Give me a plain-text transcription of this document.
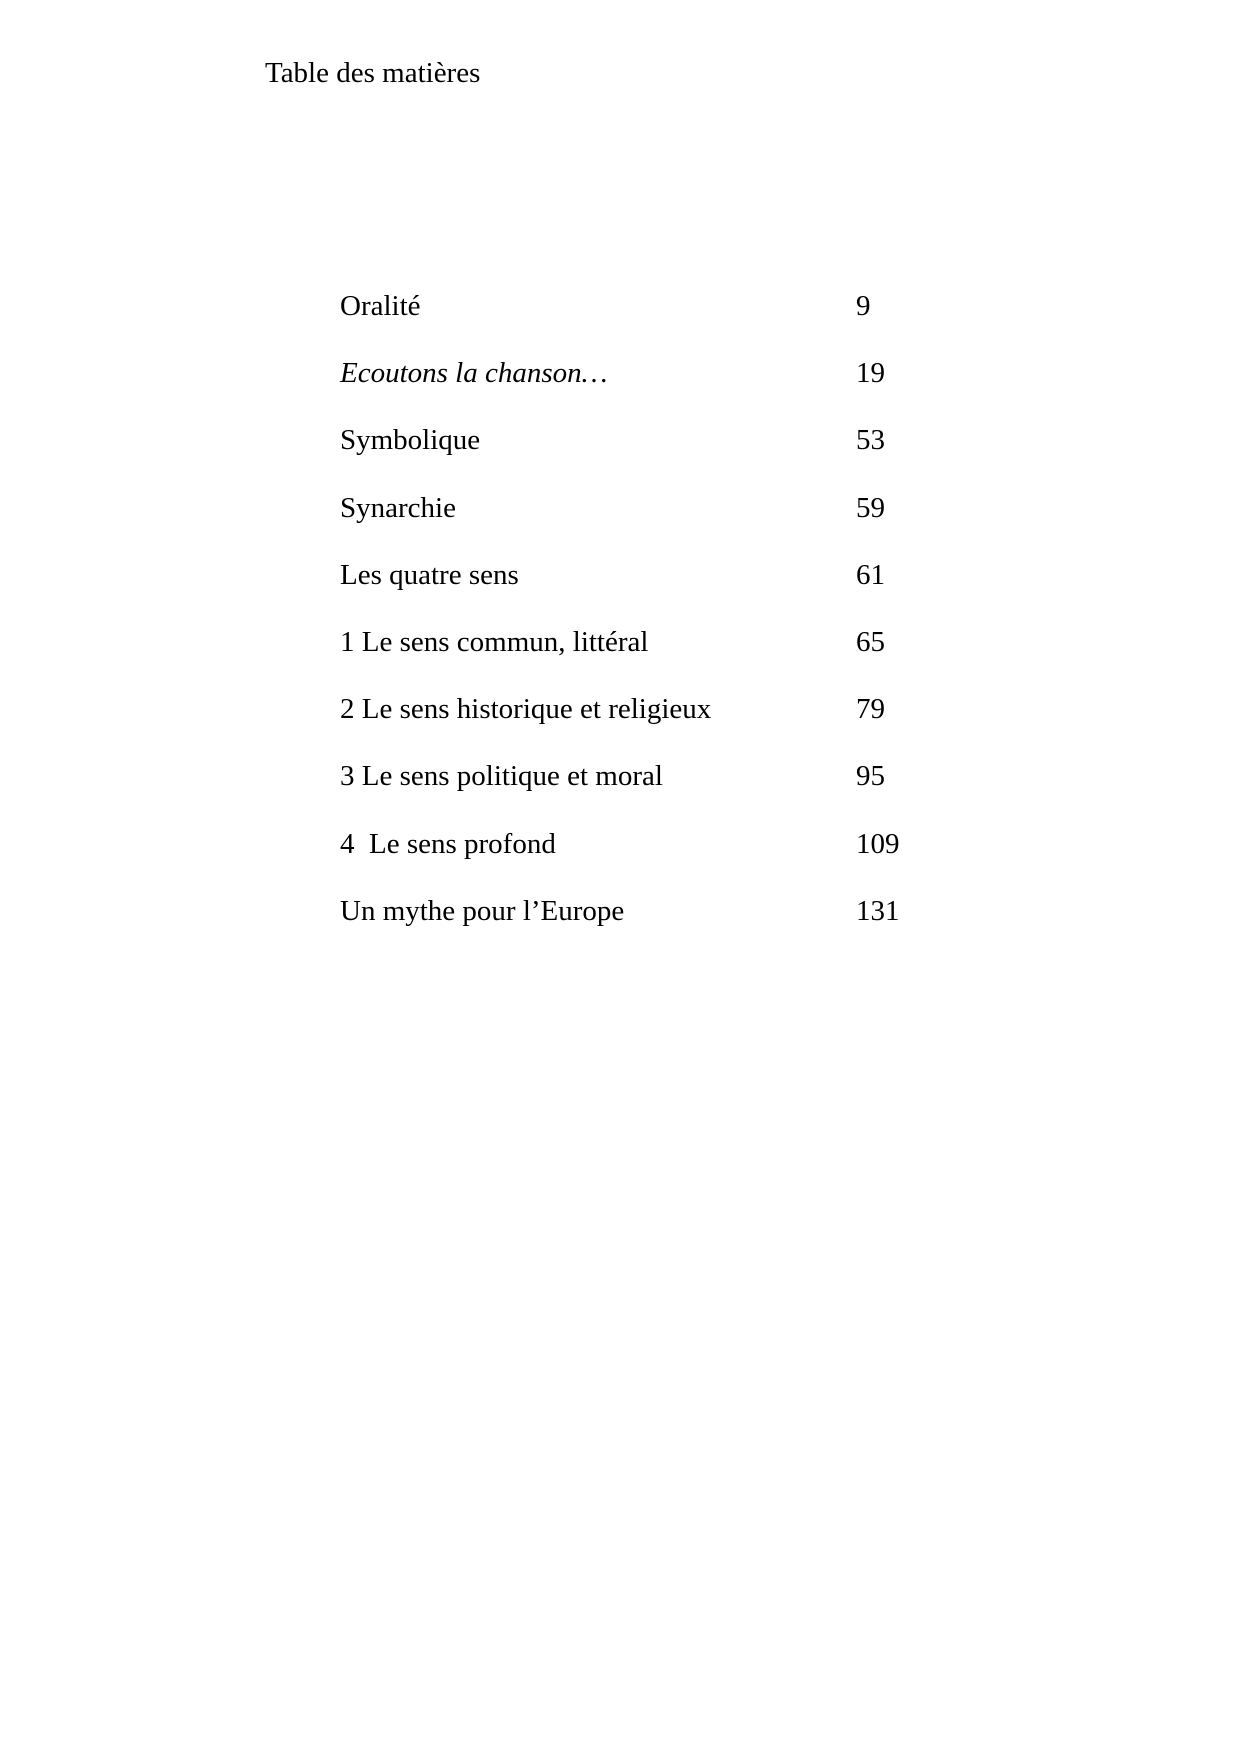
Table des matières
Oralité	9
Ecoutons la chanson…	19
Symbolique	53
Synarchie	59
Les quatre sens	61
1 Le sens commun, littéral	65
2 Le sens historique et religieux	79
3 Le sens politique et moral	95
4  Le sens profond	109
Un mythe pour l’Europe	131
